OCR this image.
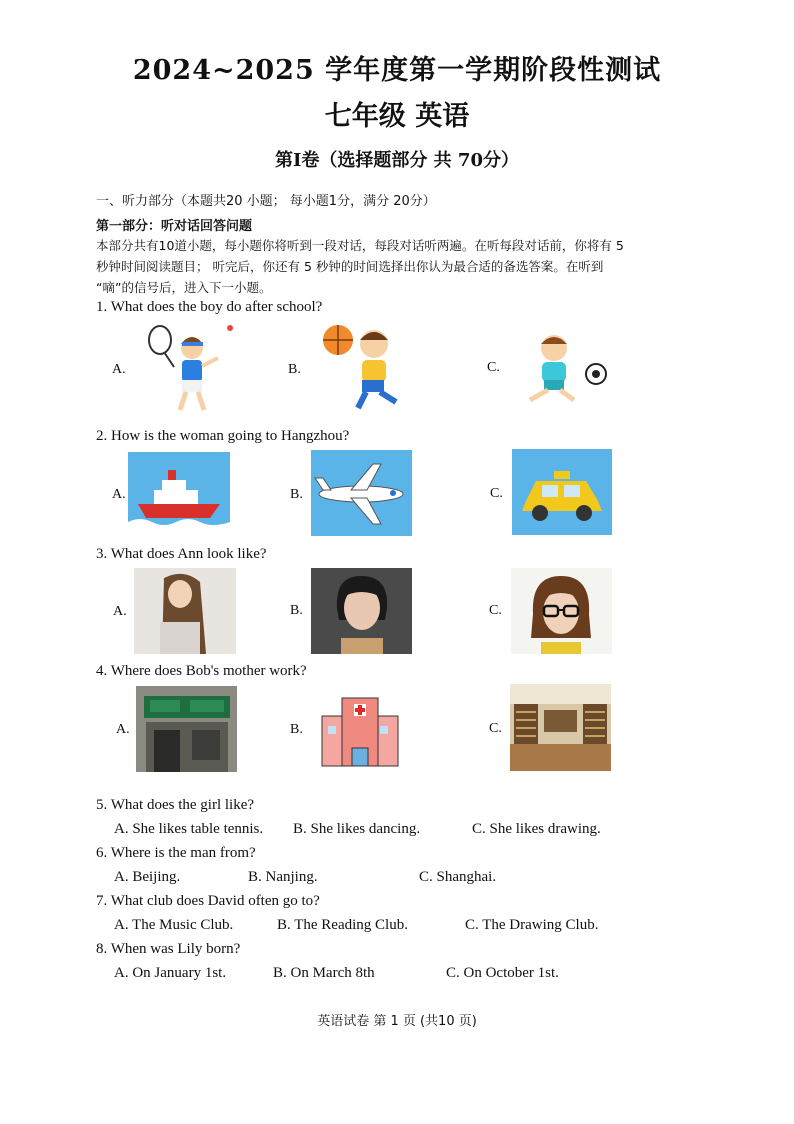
2024~2025 学年度第一学期阶段性测试
七年级 英语
第Ⅰ卷（选择题部分 共 70分）
一、听力部分（本题共20 小题； 每小题1分，满分 20分）
第一部分：听对话回答问题
本部分共有10道小题，每小题你将听到一段对话，每段对话听两遍。在听每段对话前，你将有 5
秒钟时间阅读题目； 听完后，你还有 5 秒钟的时间选择出你认为最合适的备选答案。在听到
“嘀”的信号后，进入下一小题。
1. What does the boy do after school?
A.	B.	C.
2. How is the woman going to Hangzhou?
A.	B.	C.
3. What does Ann look like?
A.	B.	C.
4. Where does Bob's mother work?
A.	B.	C.
5. What does the girl like?
A. She likes table tennis. B. She likes dancing.	C. She likes drawing.
6. Where is the man from?
A. Beijing.	B. Nanjing.	C. Shanghai.
7. What club does David often go to?
A. The Music Club.	B. The Reading Club.	C. The Drawing Club.
8. When was Lily born?
A. On January 1st.	B. On March 8th	C. On October 1st.
英语试卷 第 1 页 (共10 页)
